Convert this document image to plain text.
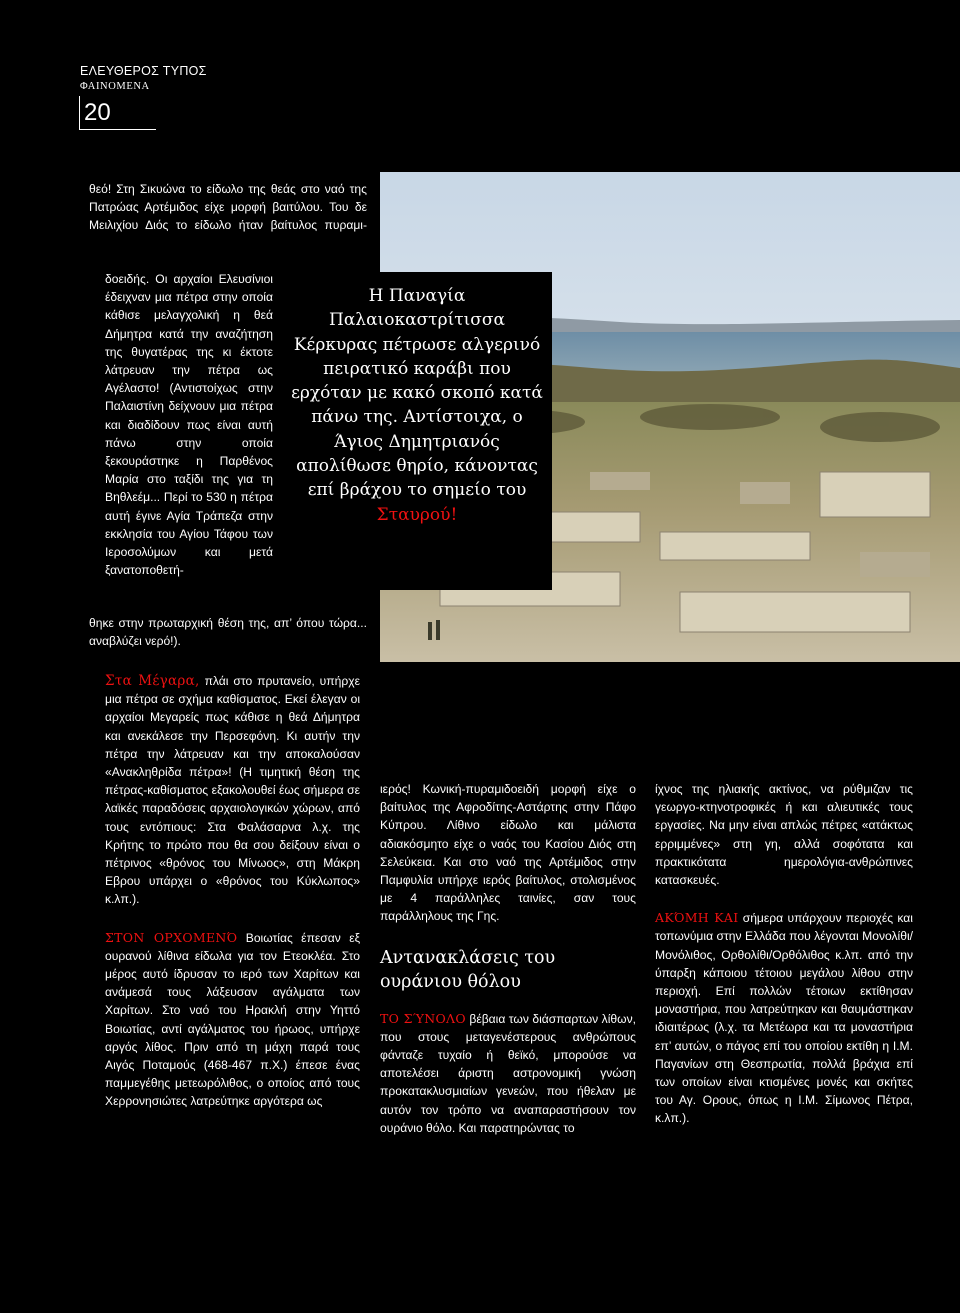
ΕΛΕΥΘΕΡΟΣ ΤΥΠΟΣ
ΦΑΙΝΟΜΕΝΑ
20
θεό! Στη Σικυώνα το είδωλο της θεάς στο ναό της Πατρώας Αρτέμιδος είχε μορφή βαιτύλου. Του δε Μειλιχίου Διός το είδωλο ήταν βαίτυλος πυραμι-
δοειδής. Οι αρχαίοι Ελευσίνιοι έδειχναν μια πέτρα στην οποία κάθισε μελαγχολική η θεά Δήμητρα κατά την αναζήτηση της θυγατέρας της κι έκτοτε λάτρευαν την πέτρα ως Αγέλαστο! (Αντιστοίχως στην Παλαιστίνη δείχνουν μια πέτρα και διαδίδουν πως είναι αυτή πάνω στην οποία ξεκουράστηκε η Παρθένος Μαρία στο ταξίδι της για τη Βηθλεέμ... Περί το 530 η πέτρα αυτή έγινε Αγία Τράπεζα στην εκκλησία του Αγίου Τάφου των Ιεροσολύμων και μετά ξανατοποθετή-
θηκε στην πρωταρχική θέση της, απ’ όπου τώρα... αναβλύζει νερό!).
Η Παναγία Παλαιοκαστρίτισσα Κέρκυρας πέτρωσε αλγερινό πειρατικό καράβι που ερχόταν με κακό σκοπό κατά πάνω της. Αντίστοιχα, ο Άγιος Δημητριανός απολίθωσε θηρίο, κάνοντας επί βράχου το σημείο του Σταυρού!

Στα Μέγαρα, πλάι στο πρυτανείο, υπήρχε μια πέτρα σε σχήμα καθίσματος. Εκεί έλεγαν οι αρχαίοι Μεγαρείς πως κάθισε η θεά Δήμητρα και ανεκάλεσε την Περσεφόνη. Κι αυτήν την πέτρα την λάτρευαν και την αποκαλούσαν «Ανακληθρίδα πέτρα»! (Η τιμητική θέση της πέτρας-καθίσματος εξακολουθεί έως σήμερα σε λαϊκές παραδόσεις αρχαιολογικών χώρων, από τους εντόπιους: Στα Φαλάσαρνα λ.χ. της Κρήτης το πρώτο που θα σου δείξουν είναι ο πέτρινος «θρόνος του Μίνωος», στη Μάκρη Εβρου υπάρχει ο «θρόνος του Κύκλωπος» κ.λπ.).

ΣΤΟΝ ΟΡΧΟΜΕΝΌ Βοιωτίας έπεσαν εξ ουρανού λίθινα είδωλα για τον Ετεοκλέα. Στο μέρος αυτό ίδρυσαν το ιερό των Χαρίτων και ανάμεσά τους λάξευσαν αγάλματα των Χαρίτων. Στο ναό του Ηρακλή στην Υηττό Βοιωτίας, αντί αγάλματος του ήρωος, υπήρχε αργός λίθος. Πριν από τη μάχη παρά τους Αιγός Ποταμούς (468-467 π.Χ.) έπεσε ένας παμμεγέθης μετεωρόλιθος, ο οποίος από τους Χερρονησιώτες λατρεύτηκε αργότερα ως

ιερός! Κωνική-πυραμιδοειδή μορφή είχε ο βαίτυλος της Αφροδίτης-Αστάρτης στην Πάφο Κύπρου. Λίθινο είδωλο και μάλιστα αδιακόσμητο είχε ο ναός του Κασίου Διός στη Σελεύκεια. Και στο ναό της Αρτέμιδος στην Παμφυλία υπήρχε ιερός βαίτυλος, στολισμένος με 4 παράλληλες ταινίες, σαν τους παράλληλους της Γης.

Αντανακλάσεις του ουράνιου θόλου

ΤΟ ΣΎΝΟΛΟ βέβαια των διάσπαρτων λίθων, που στους μεταγενέστερους ανθρώπους φάνταζε τυχαίο ή θεϊκό, μπορούσε να αποτελέσει άριστη αστρονομική γνώση προκατακλυσμιαίων γενεών, που ήθελαν με αυτόν τον τρόπο να αναπαραστήσουν τον ουράνιο θόλο. Και παρατηρώντας το

ίχνος της ηλιακής ακτίνος, να ρύθμιζαν τις γεωργο-κτηνοτροφικές ή και αλιευτικές τους εργασίες. Να μην είναι απλώς πέτρες «ατάκτως ερριμμένες» στη γη, αλλά σοφότατα και πρακτικότατα ημερολόγια-ανθρώπινες κατασκευές.

ΑΚΌΜΗ ΚΑΙ σήμερα υπάρχουν περιοχές και τοπωνύμια στην Ελλάδα που λέγονται Μονολίθι/Μονόλιθος, Ορθολίθι/Ορθόλιθος κ.λπ. από την ύπαρξη κάποιου τέτοιου μεγάλου λίθου στην περιοχή. Επί πολλών τέτοιων εκτίθησαν μοναστήρια, που λατρεύτηκαν και θαυμάστηκαν ιδιαιτέρως (λ.χ. τα Μετέωρα και τα μοναστήρια επ’ αυτών, ο πάγος επί του οποίου εκτίθη η Ι.Μ. Παγανίων στη Θεσπρωτία, πολλά βράχια επί των οποίων είναι κτισμένες μονές και σκήτες του Αγ. Ορους, όπως η Ι.Μ. Σίμωνος Πέτρα, κ.λπ.).
